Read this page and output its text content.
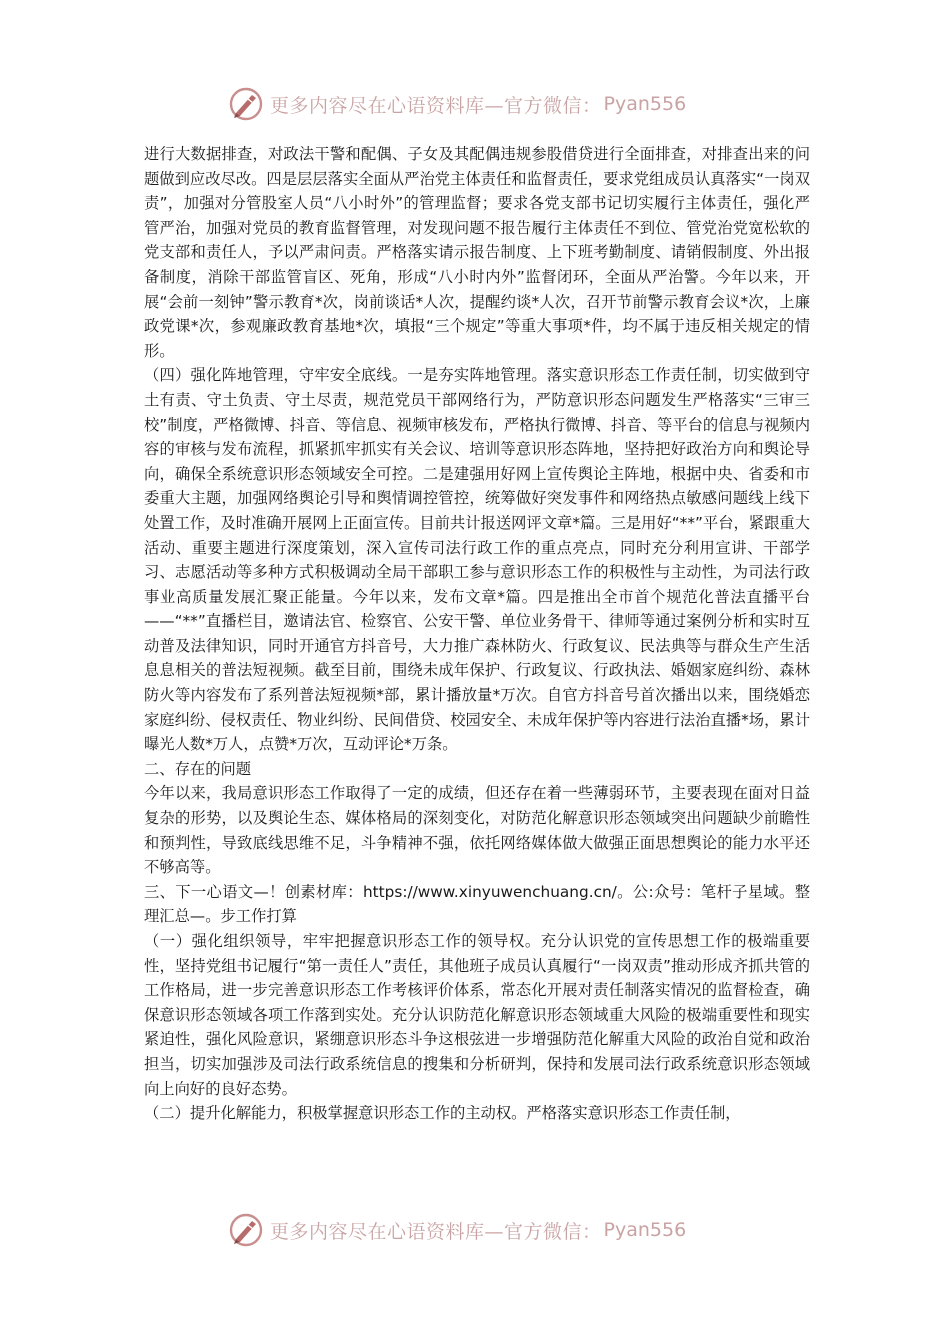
更多内容尽在心语资料库—官方微信： Pyan556

进行大数据排查，对政法干警和配偶、子女及其配偶违规参股借贷进行全面排查，对排查出来的问题做到应改尽改。四是层层落实全面从严治党主体责任和监督责任，要求党组成员认真落实“一岗双责”，加强对分管股室人员“八小时外”的管理监督；要求各党支部书记切实履行主体责任，强化严管严治，加强对党员的教育监督管理，对发现问题不报告履行主体责任不到位、管党治党宽松软的党支部和责任人，予以严肃问责。严格落实请示报告制度、上下班考勤制度、请销假制度、外出报备制度，消除干部监管盲区、死角，形成“八小时内外”监督闭环，全面从严治警。今年以来，开展“会前一刻钟”警示教育*次，岗前谈话*人次，提醒约谈*人次，召开节前警示教育会议*次，上廉政党课*次，参观廉政教育基地*次，填报“三个规定”等重大事项*件，均不属于违反相关规定的情形。

（四）强化阵地管理，守牢安全底线。一是夯实阵地管理。落实意识形态工作责任制，切实做到守土有责、守土负责、守土尽责，规范党员干部网络行为，严防意识形态问题发生严格落实“三审三校”制度，严格微博、抖音、等信息、视频审核发布，严格执行微博、抖音、等平台的信息与视频内容的审核与发布流程，抓紧抓牢抓实有关会议、培训等意识形态阵地，坚持把好政治方向和舆论导向，确保全系统意识形态领域安全可控。二是建强用好网上宣传舆论主阵地，根据中央、省委和市委重大主题，加强网络舆论引导和舆情调控管控，统筹做好突发事件和网络热点敏感问题线上线下处置工作，及时准确开展网上正面宣传。目前共计报送网评文章*篇。三是用好“**”平台，紧跟重大活动、重要主题进行深度策划，深入宣传司法行政工作的重点亮点，同时充分利用宣讲、干部学习、志愿活动等多种方式积极调动全局干部职工参与意识形态工作的积极性与主动性，为司法行政事业高质量发展汇聚正能量。今年以来，发布文章*篇。四是推出全市首个规范化普法直播平台——“**”直播栏目，邀请法官、检察官、公安干警、单位业务骨干、律师等通过案例分析和实时互动普及法律知识，同时开通官方抖音号，大力推广森林防火、行政复议、民法典等与群众生产生活息息相关的普法短视频。截至目前，围绕未成年保护、行政复议、行政执法、婚姻家庭纠纷、森林防火等内容发布了系列普法短视频*部，累计播放量*万次。自官方抖音号首次播出以来，围绕婚恋家庭纠纷、侵权责任、物业纠纷、民间借贷、校园安全、未成年保护等内容进行法治直播*场，累计曝光人数*万人，点赞*万次，互动评论*万条。

二、存在的问题

今年以来，我局意识形态工作取得了一定的成绩，但还存在着一些薄弱环节，主要表现在面对日益复杂的形势，以及舆论生态、媒体格局的深刻变化，对防范化解意识形态领域突出问题缺少前瞻性和预判性，导致底线思维不足，斗争精神不强，依托网络媒体做大做强正面思想舆论的能力水平还不够高等。

三、下一心语文—！创素材库：https://www.xinyuwenchuang.cn/。公:众号：笔杆子星域。整理汇总—。步工作打算

（一）强化组织领导，牢牢把握意识形态工作的领导权。充分认识党的宣传思想工作的极端重要性，坚持党组书记履行“第一责任人”责任，其他班子成员认真履行“一岗双责”推动形成齐抓共管的工作格局，进一步完善意识形态工作考核评价体系，常态化开展对责任制落实情况的监督检查，确保意识形态领域各项工作落到实处。充分认识防范化解意识形态领域重大风险的极端重要性和现实紧迫性，强化风险意识，紧绷意识形态斗争这根弦进一步增强防范化解重大风险的政治自觉和政治担当，切实加强涉及司法行政系统信息的搜集和分析研判，保持和发展司法行政系统意识形态领域向上向好的良好态势。

（二）提升化解能力，积极掌握意识形态工作的主动权。严格落实意识形态工作责任制，

更多内容尽在心语资料库—官方微信： Pyan556
